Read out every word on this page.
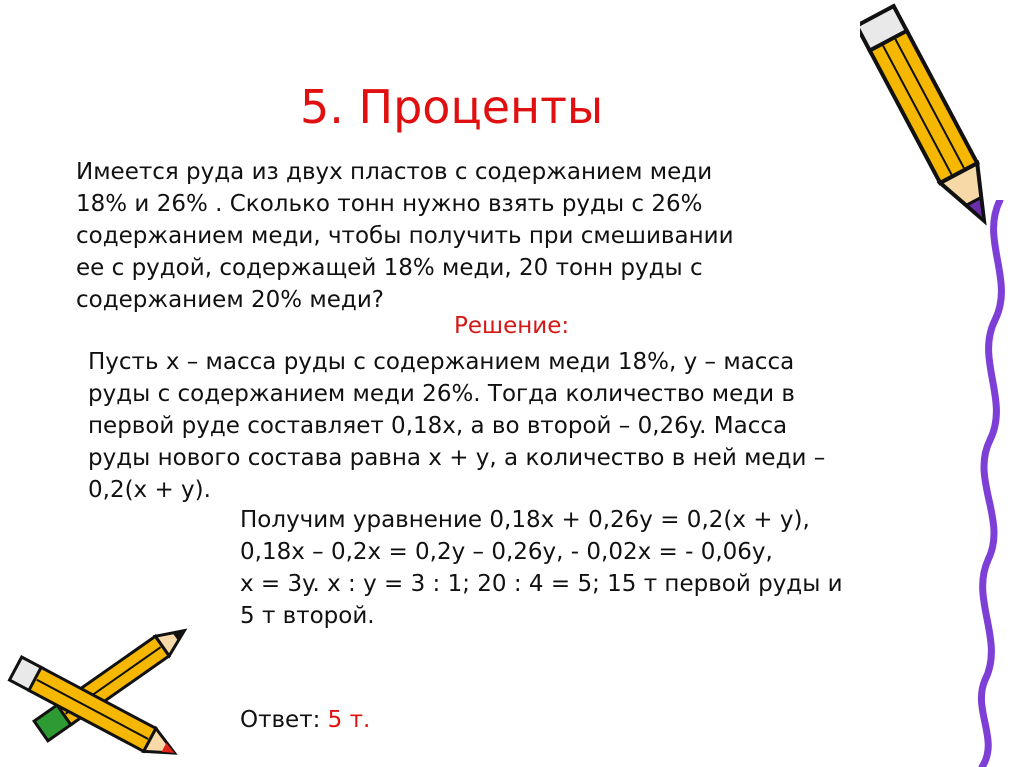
5. Проценты
Имеется руда из двух пластов с содержанием меди
18% и 26% . Сколько тонн нужно взять руды с 26%
содержанием меди, чтобы получить при смешивании
ее с рудой, содержащей 18% меди, 20 тонн руды с
содержанием 20% меди?
Решение:
Пусть x – масса руды с содержанием меди 18%, y – масса
руды с содержанием меди 26%. Тогда количество меди в
первой руде составляет 0,18x, а во второй – 0,26y. Масса
руды нового состава равна x + y, а количество в ней меди –
0,2(x + y).
Получим уравнение 0,18x + 0,26y = 0,2(x + y),
0,18x – 0,2x = 0,2y – 0,26y, - 0,02x = - 0,06y,
x = 3y. x : y = 3 : 1; 20 : 4 = 5; 15 т первой руды и
5 т второй.
Ответ: 5 т.
